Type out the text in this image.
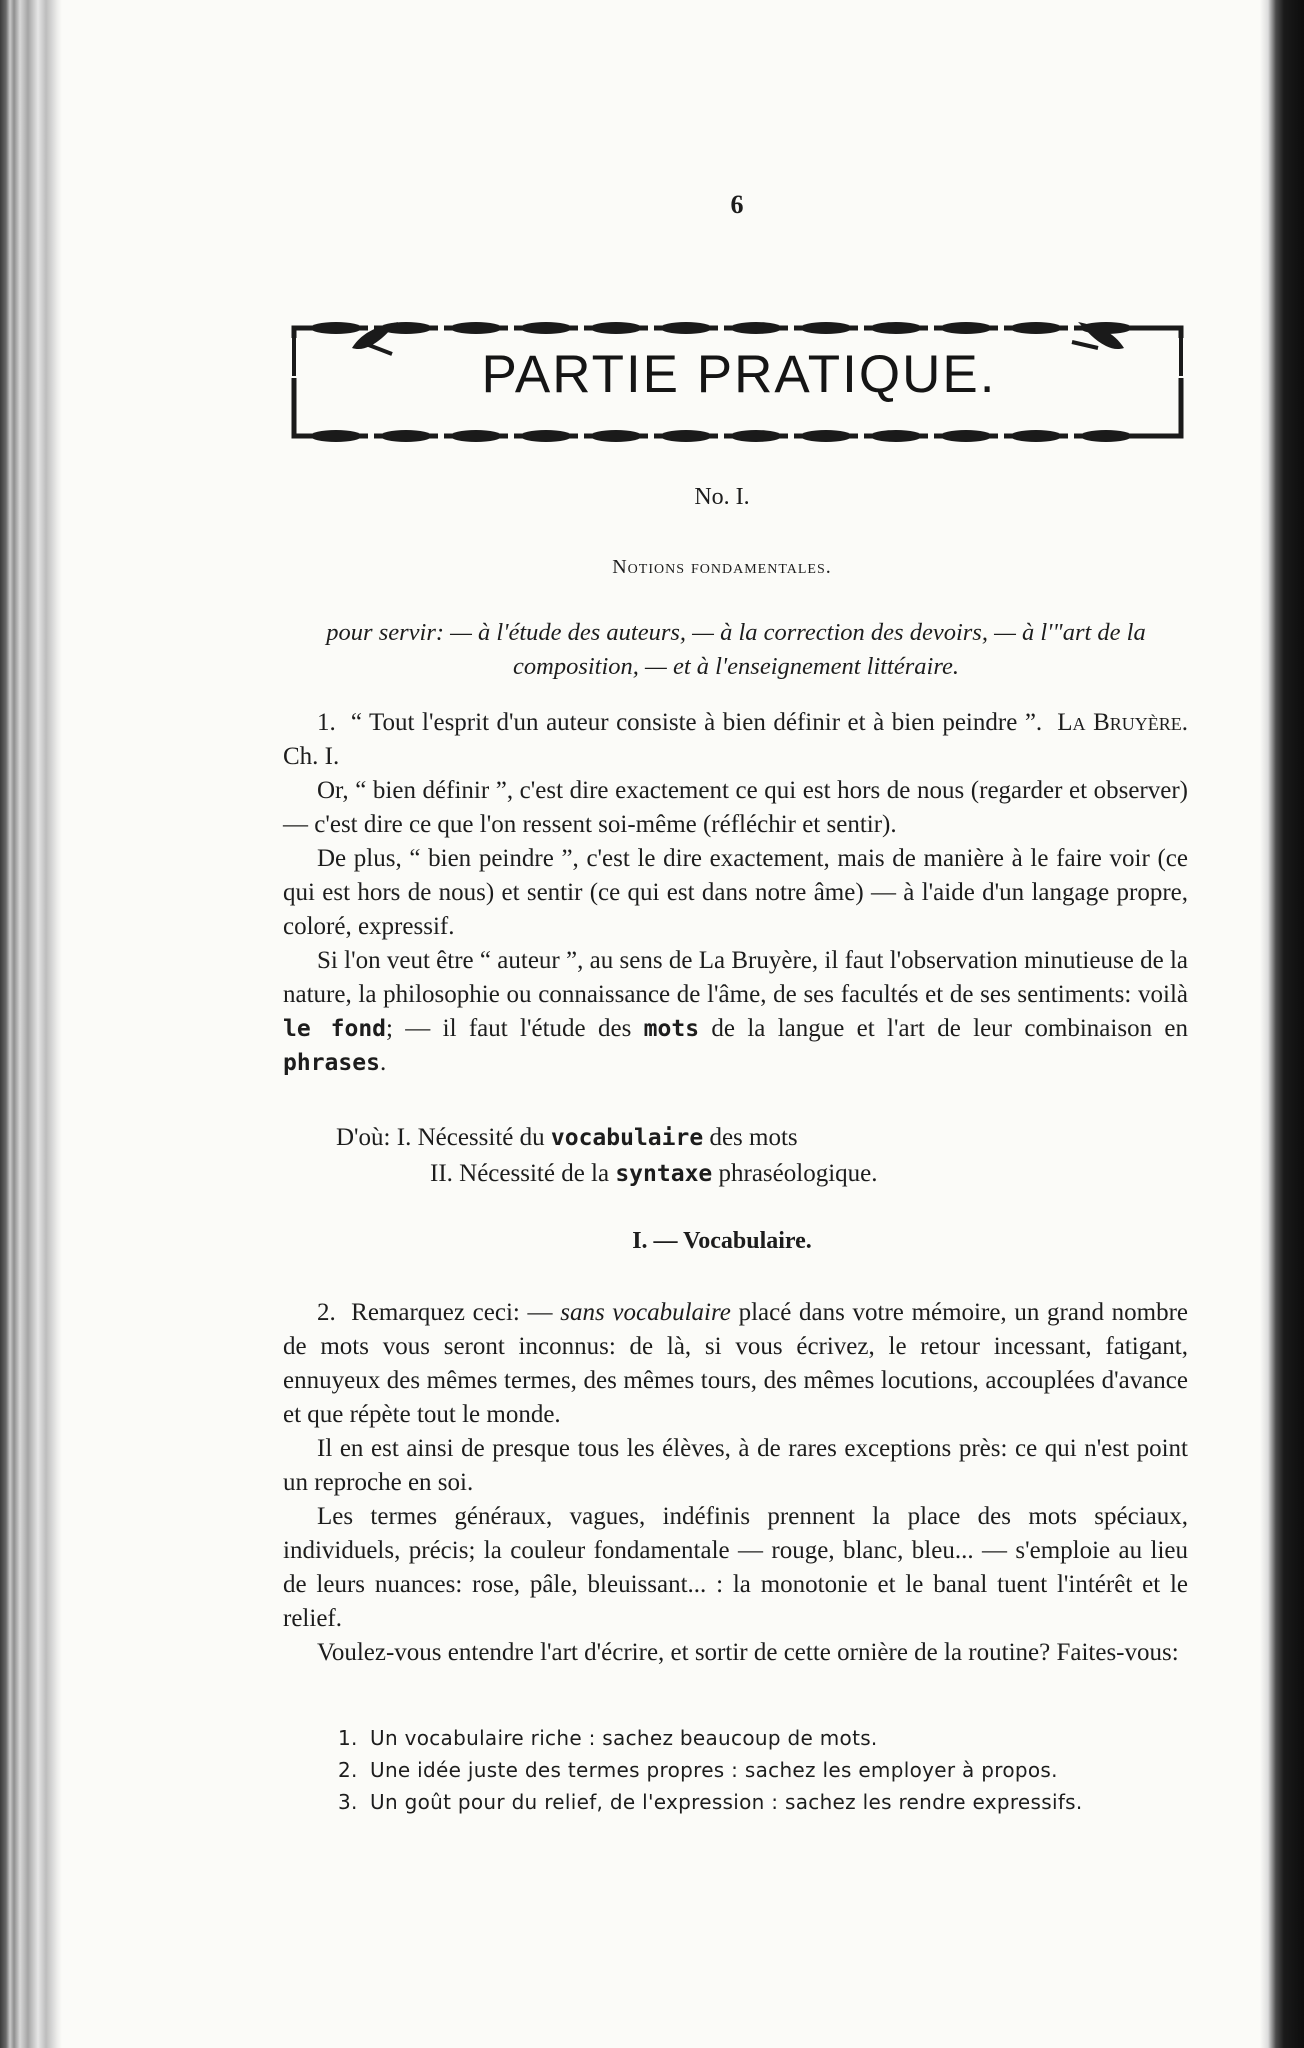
6
PARTIE PRATIQUE.
No. I.
Notions fondamentales.
pour servir: — à l'étude des auteurs, — à la correction des devoirs, — à l'"art de la composition, — et à l'enseignement littéraire.

1. “ Tout l'esprit d'un auteur consiste à bien définir et à bien peindre ”. La Bruyère. Ch. I.

Or, “ bien définir ”, c'est dire exactement ce qui est hors de nous (regarder et observer) — c'est dire ce que l'on ressent soi-même (réfléchir et sentir).

De plus, “ bien peindre ”, c'est le dire exactement, mais de manière à le faire voir (ce qui est hors de nous) et sentir (ce qui est dans notre âme) — à l'aide d'un langage propre, coloré, expressif.

Si l'on veut être “ auteur ”, au sens de La Bruyère, il faut l'observation minutieuse de la nature, la philosophie ou connaissance de l'âme, de ses facultés et de ses sentiments: voilà le fond; — il faut l'étude des mots de la langue et l'art de leur combinaison en phrases.

D'où: I. Nécessité du vocabulaire des mots
II. Nécessité de la syntaxe phraséologique.
I. — Vocabulaire.

2. Remarquez ceci: — sans vocabulaire placé dans votre mémoire, un grand nombre de mots vous seront inconnus: de là, si vous écrivez, le retour incessant, fatigant, ennuyeux des mêmes termes, des mêmes tours, des mêmes locutions, accouplées d'avance et que répète tout le monde.

Il en est ainsi de presque tous les élèves, à de rares exceptions près: ce qui n'est point un reproche en soi.

Les termes généraux, vagues, indéfinis prennent la place des mots spéciaux, individuels, précis; la couleur fondamentale — rouge, blanc, bleu... — s'emploie au lieu de leurs nuances: rose, pâle, bleuissant... : la monotonie et le banal tuent l'intérêt et le relief.

Voulez-vous entendre l'art d'écrire, et sortir de cette ornière de la routine? Faites-vous:

1. Un vocabulaire riche : sachez beaucoup de mots.
2. Une idée juste des termes propres : sachez les employer à propos.
3. Un goût pour du relief, de l'expression : sachez les rendre expressifs.
